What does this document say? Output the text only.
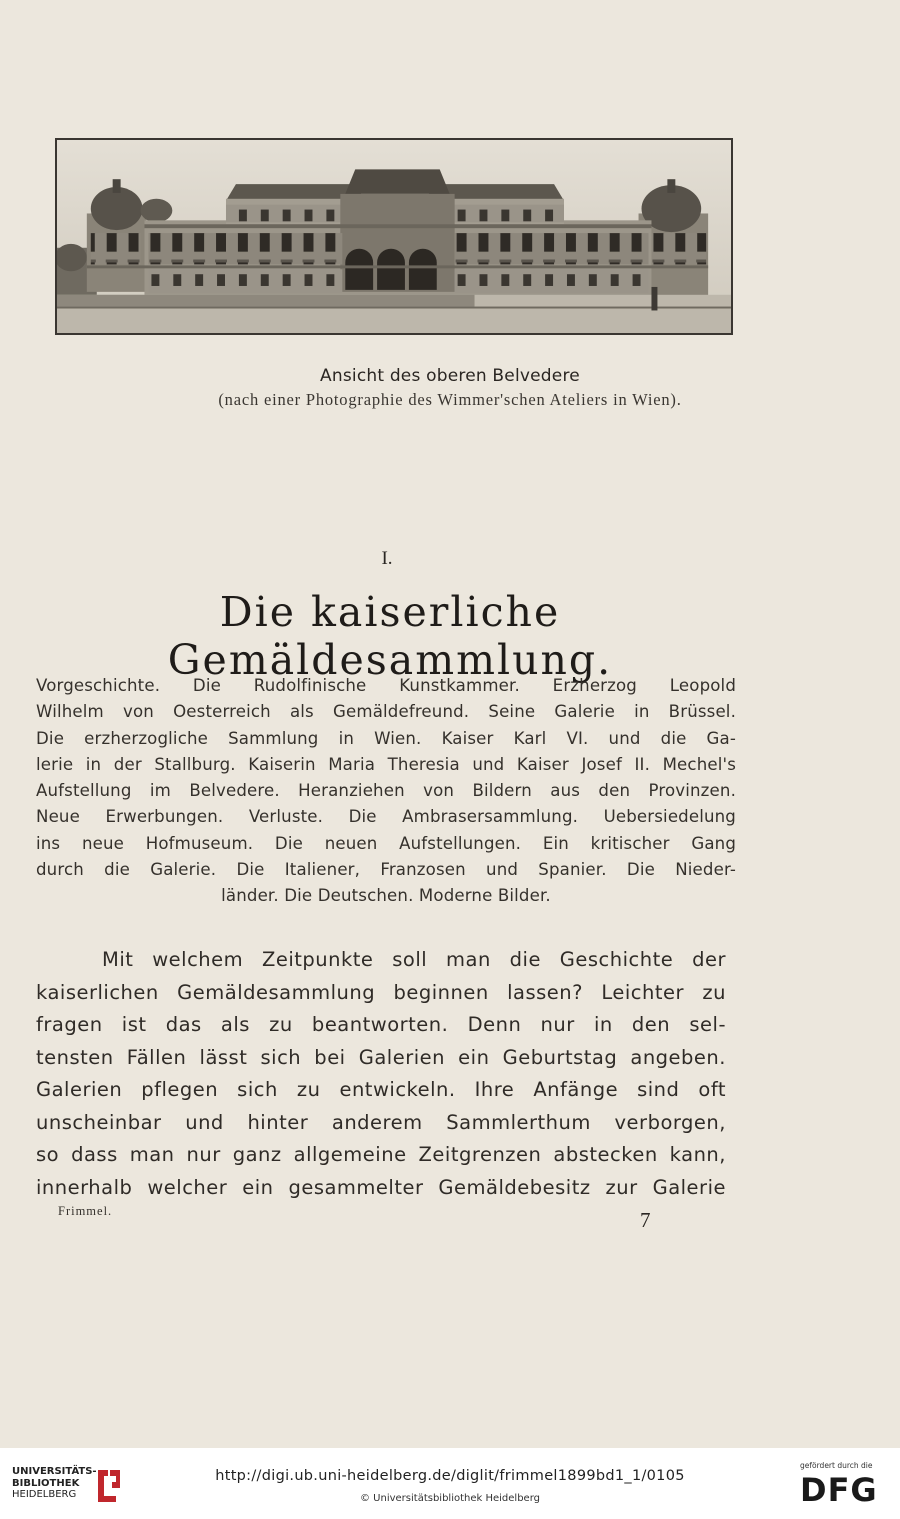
Ansicht des oberen Belvedere
(nach einer Photographie des Wimmer'schen Ateliers in Wien).
I.
Die kaiserliche Gemäldesammlung.
Vorgeschichte. Die Rudolfinische Kunstkammer. Erzherzog Leopold
Wilhelm von Oesterreich als Gemäldefreund. Seine Galerie in Brüssel.
Die erzherzogliche Sammlung in Wien. Kaiser Karl VI. und die Ga-
lerie in der Stallburg. Kaiserin Maria Theresia und Kaiser Josef II. Mechel's
Aufstellung im Belvedere. Heranziehen von Bildern aus den Provinzen.
Neue Erwerbungen. Verluste. Die Ambrasersammlung. Uebersiedelung
ins neue Hofmuseum. Die neuen Aufstellungen. Ein kritischer Gang
durch die Galerie. Die Italiener, Franzosen und Spanier. Die Nieder-
länder. Die Deutschen. Moderne Bilder.
Mit welchem Zeitpunkte soll man die Geschichte der
kaiserlichen Gemäldesammlung beginnen lassen? Leichter zu
fragen ist das als zu beantworten. Denn nur in den sel-
tensten Fällen lässt sich bei Galerien ein Geburtstag angeben.
Galerien pflegen sich zu entwickeln. Ihre Anfänge sind oft
unscheinbar und hinter anderem Sammlerthum verborgen,
so dass man nur ganz allgemeine Zeitgrenzen abstecken kann,
innerhalb welcher ein gesammelter Gemäldebesitz zur Galerie
Frimmel.	7
UNIVERSITÄTS-
BIBLIOTHEK
HEIDELBERG
http://digi.ub.uni-heidelberg.de/diglit/frimmel1899bd1_1/0105
© Universitätsbibliothek Heidelberg
gefördert durch die
DFG
